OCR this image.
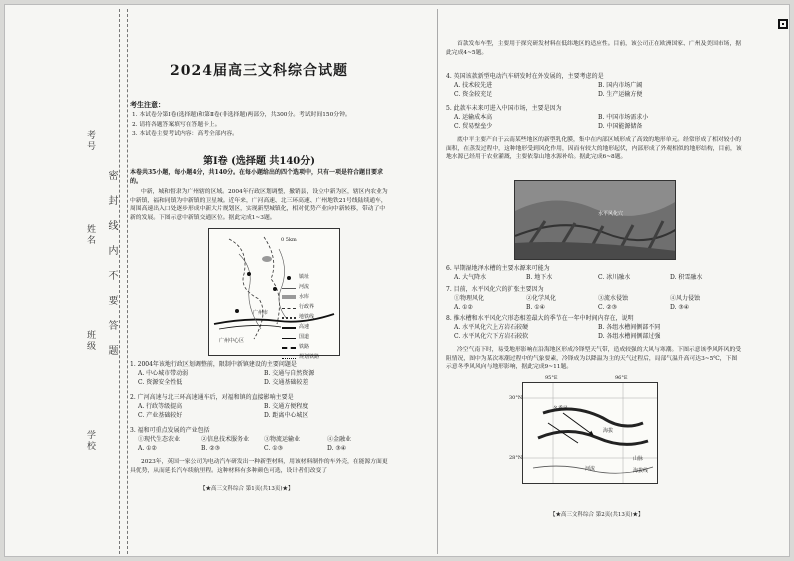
考号
姓名
班级
学校
密封线内不要答题
2024届高三文科综合试题
考生注意：
1. 本试卷分第Ⅰ卷(选择题)和第Ⅱ卷(非选择题)两部分，共300分。考试时间150分钟。
2. 请将各题答案填写在答题卡上。
3. 本试卷主要考试内容：高考全部内容。
第Ⅰ卷 (选择题 共140分)
本卷共35小题，每小题4分，共140分。在每小题给出的四个选项中，只有一项是符合题目要求的。
中新，城和督隶为广州辖的区域。2004年行政区划调整，撤销县，设立中新为区，辖区内农业为中新镇，福和同镇为中新镇的卫星城。近年来，广河高速、北三环高速、广州地铁21号线陆续通车，周围高速出入口处逐步形成中新大片规划区，实现新型城镇化，相对优势产业向中新转移，带动了中新的发展。下图示意中新镇交通区位。据此完成1~3题。
0 5km
广州中心区
广州市
镇址
河流
水库
行政界
地铁线
高速
国道
铁路
规划铁路
1. 2004年该地行政区划调整前，限制中新镇建设的主要问题是
A. 中心城市带动弱	B. 交通与自然资源
C. 资源安全性低	D. 交通基础较差
2. 广河高速与北三环高速通车后，对福和镇的直接影响主要是
A. 行政等级提高	B. 交通方便程度
C. 产业基础较好	D. 距离中心城区
3. 福和可重点发展的产业包括
①现代生态农业	②信息技术服务业	③物流运输业	④金融业
A. ①②	B. ②③	C. ①③	D. ③④
2023年，英国一家公司为电动汽车研发出一种新型材料，用该材料制作的车外壳，在能源方面更具优势，从而延长汽车续航里程。这种材料有多种颜色可选，设计者们改变了
【★高三文科综合 第1页(共13页)★】
首款发布车型，主要用于探究研发材料在低纬地区的适应性。目前，该公司正在欧洲国家、广州及美国市场，据此完成4~5题。
4. 英国该款新型电动汽车研发时在外发展的，主要考虑的是
A. 技术较先进	B. 国内市场广阔
C. 资金较充足	D. 生产运输方便
5. 此款车未来可进入中国市场，主要是因为
A. 运输成本高	B. 中国市场需求小
C. 贸易壁垒少	D. 中国能源储备
底中平主要产自于云南某些地区的新型乳化膜，集中在内部区域形成了高效的地形单元。经常形成了相对较小的面积，在蒸发过程中，这种地形受到风化作用，因而有较大的地形起伏，内部形成了外观相似的地形结构，目前，该地水源已经用于农业灌溉，主要依靠山地水源补给。据此完成6~8题。
水平风化穴
6. 早期湿地泽水槽的主要水源来可能为
A. 大气降水	B. 地下水	C. 冰川融水	D. 积雪融水
7. 目前，水平风化穴的扩张主要因为
①物理风化	②化学风化	③流水侵蚀	④风力侵蚀
A. ①②	B. ①④	C. ②③	D. ③④
8. 推水槽和水平风化穴形态相差最大的季节在一年中时间内存在，说明
A. 水平风化穴上方岩石较硬	B. 各组水槽间侧部不同
C. 水平风化穴下方岩石较软	D. 各组水槽间侧部过强
冷空气南下时，易受地形影响在沿海地区形成冷锋型天气带，造成较强的大风与寒潮。下图示意该季风阵风的受阻情况，图中为某次寒潮过程中的气象要素，冷锋成为以降温为主的天气过程后，局部气温升高可达3~5℃，下图示意冬季风风向与地形影响，据此完成9~11题。
95°E	96°E
30°N
28°N
冬季风
河流
海拔
山脉
海拔线
【★高三文科综合 第2页(共13页)★】
